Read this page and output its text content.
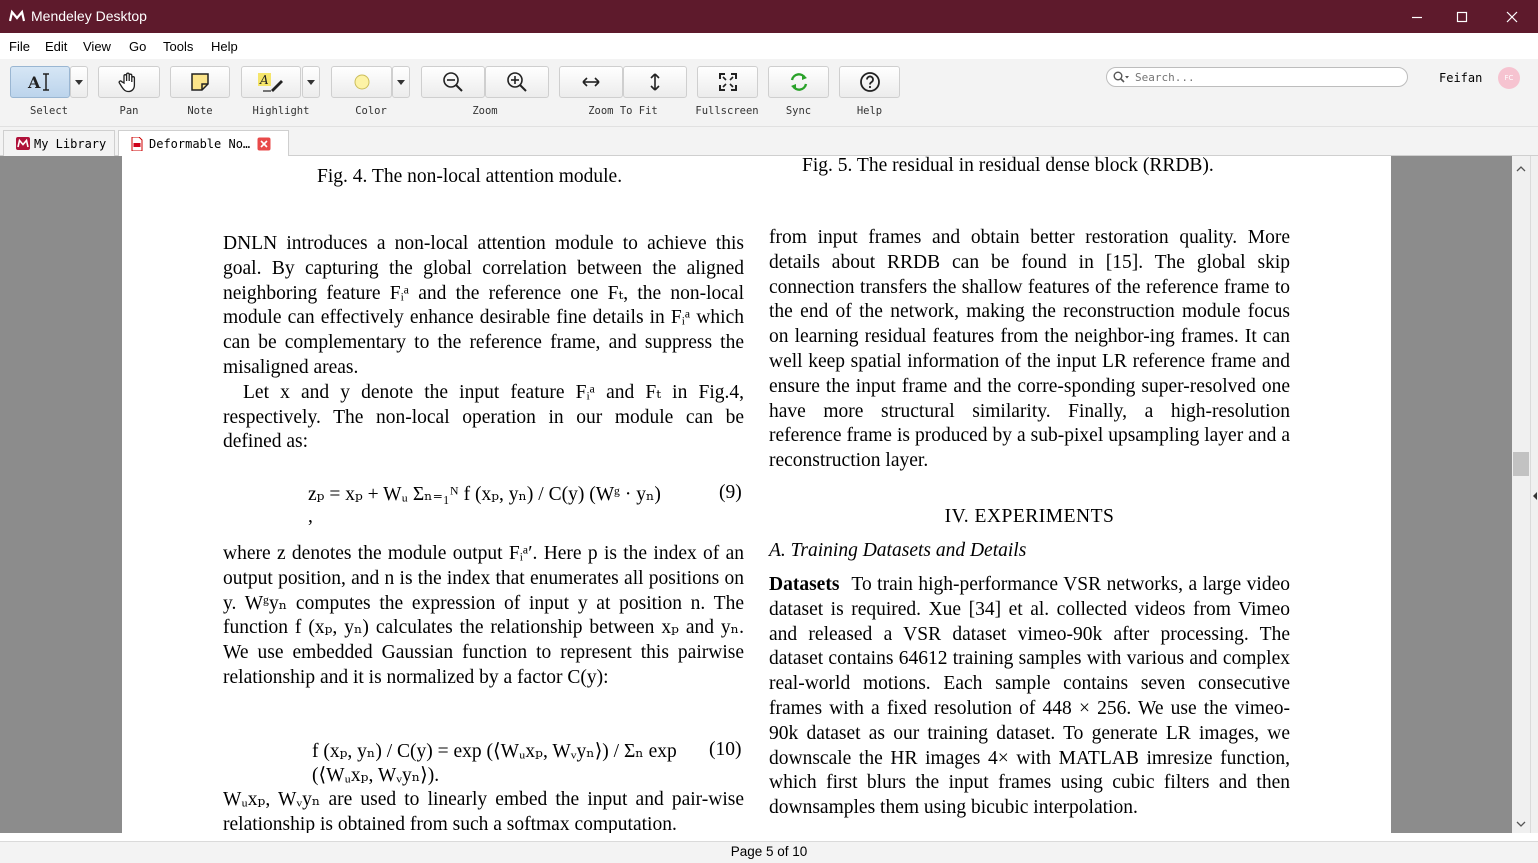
Mendeley Desktop
File Edit View Go Tools Help
A
Select	Pan	Note
A
Highlight	Color	Zoom	Zoom To Fit	Fullscreen	Sync	Help
Search...
Feifan	FC
My Library	Deformable No…
Fig. 4. The non-local attention module.
Fig. 5. The residual in residual dense block (RRDB).

DNLN introduces a non-local attention module to achieve this goal. By capturing the global correlation between the aligned neighboring feature Fᵢᵃ and the reference one Fₜ, the non-local module can effectively enhance desirable fine details in Fᵢᵃ which can be complementary to the reference frame, and suppress the misaligned areas.

Let x and y denote the input feature Fᵢᵃ and Fₜ in Fig.4, respectively. The non-local operation in our module can be defined as:

zₚ = xₚ + Wᵤ Σₙ₌₁ᴺ f (xₚ, yₙ) / C(y) (Wᵍ · yₙ) ,
(9)

where z denotes the module output Fᵢᵃ′. Here p is the index of an output position, and n is the index that enumerates all positions on y. Wᵍyₙ computes the expression of input y at position n. The function f (xₚ, yₙ) calculates the relationship between xₚ and yₙ. We use embedded Gaussian function to represent this pairwise relationship and it is normalized by a factor C(y):

f (xₚ, yₙ) / C(y) = exp (⟨Wᵤxₚ, Wᵥyₙ⟩) / Σₙ exp (⟨Wᵤxₚ, Wᵥyₙ⟩).
(10)

Wᵤxₚ, Wᵥyₙ are used to linearly embed the input and pair-wise relationship is obtained from such a softmax computation.

from input frames and obtain better restoration quality. More details about RRDB can be found in [15]. The global skip connection transfers the shallow features of the reference frame to the end of the network, making the reconstruction module focus on learning residual features from the neighbor-ing frames. It can well keep spatial information of the input LR reference frame and ensure the input frame and the corre-sponding super-resolved one have more structural similarity. Finally, a high-resolution reference frame is produced by a sub-pixel upsampling layer and a reconstruction layer.

IV. EXPERIMENTS
A. Training Datasets and Details

Datasets To train high-performance VSR networks, a large video dataset is required. Xue [34] et al. collected videos from Vimeo and released a VSR dataset vimeo-90k after processing. The dataset contains 64612 training samples with various and complex real-world motions. Each sample contains seven consecutive frames with a fixed resolution of 448 × 256. We use the vimeo-90k dataset as our training dataset. To generate LR images, we downscale the HR images 4× with MATLAB imresize function, which first blurs the input frames using cubic filters and then downsamples them using bicubic interpolation.

Page 5 of 10
